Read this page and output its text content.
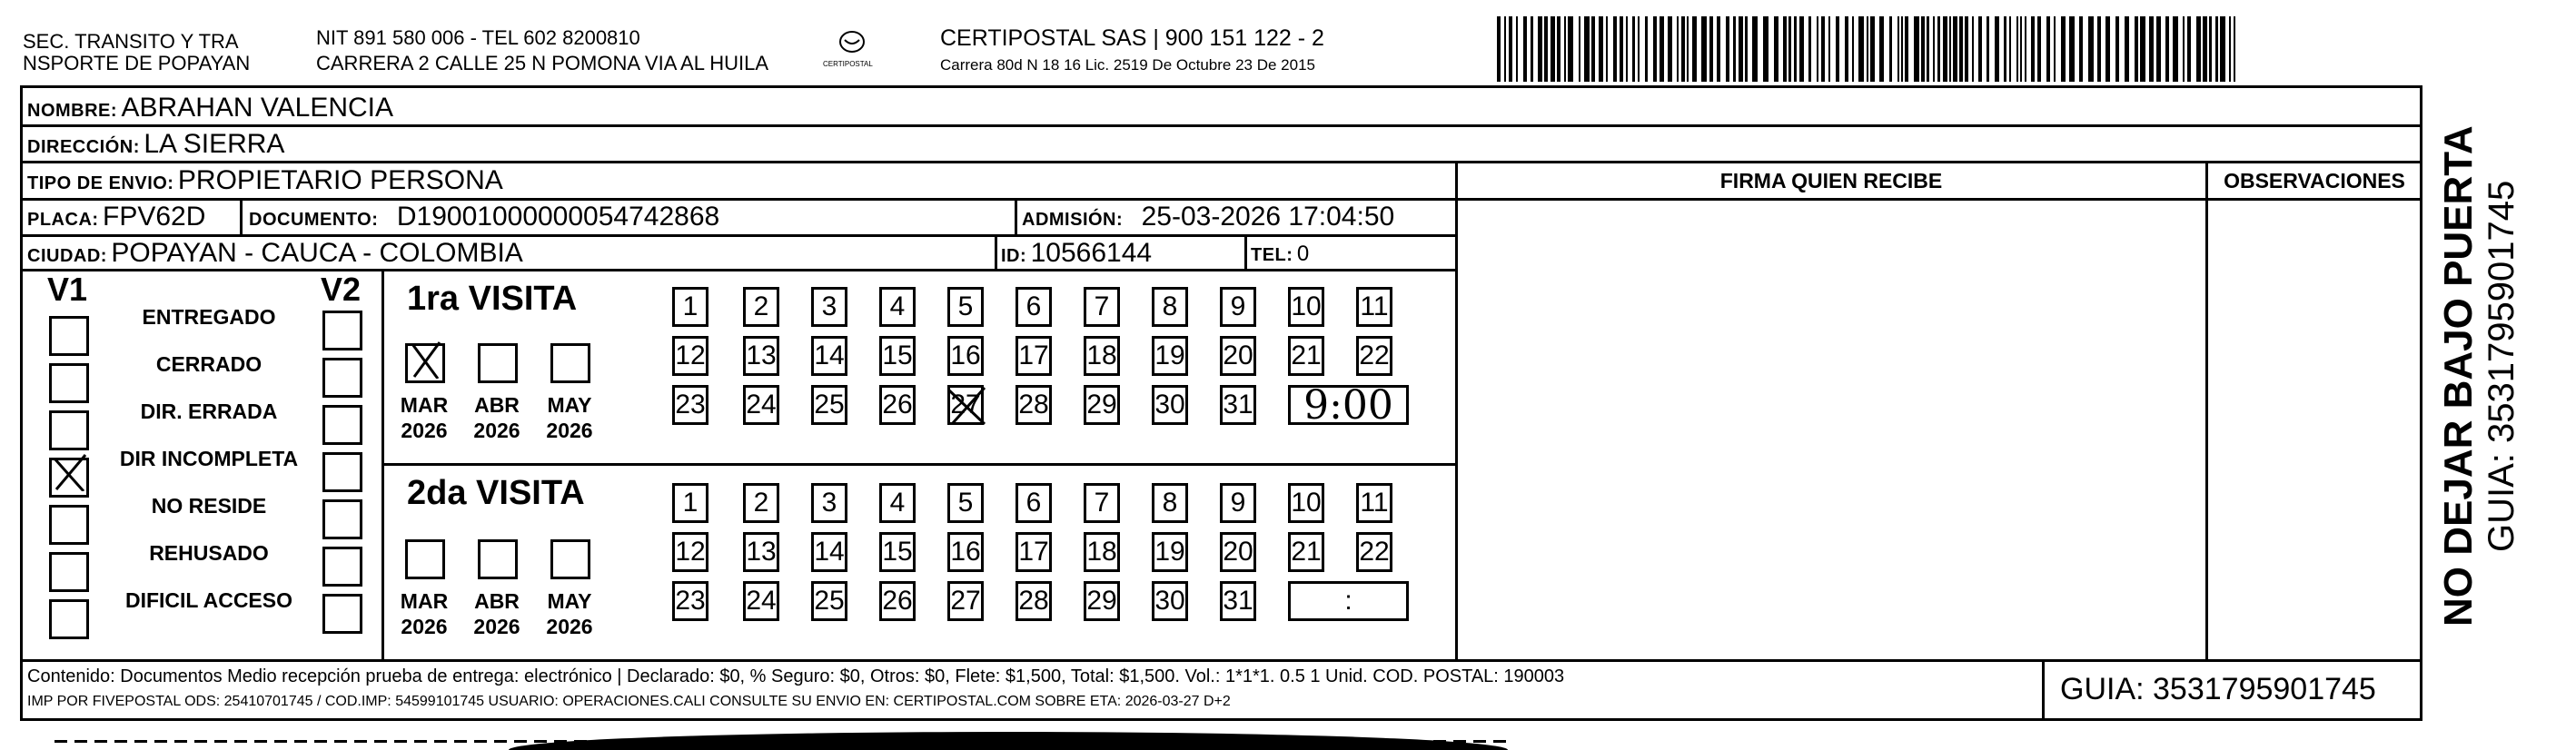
SEC. TRANSITO Y TRA
NSPORTE DE POPAYAN
NIT 891 580 006 - TEL 602 8200810
CARRERA 2 CALLE 25 N POMONA VIA AL HUILA	CERTIPOSTAL
CERTIPOSTAL SAS | 900 151 122 - 2
Carrera 80d N 18 16 Lic. 2519 De Octubre 23 De 2015
NOMBRE: ABRAHAN VALENCIA
DIRECCIÓN: LA SIERRA
TIPO DE ENVIO: PROPIETARIO PERSONA	FIRMA QUIEN RECIBE	OBSERVACIONES
PLACA: FPV62D DOCUMENTO: D19001000000054742868	ADMISIÓN: 25-03-2026 17:04:50
CIUDAD: POPAYAN - CAUCA - COLOMBIA	ID: 10566144	TEL: 0
V1	V2
ENTREGADO
CERRADO
DIR. ERRADA
DIR INCOMPLETA
NO RESIDE
REHUSADO
DIFICIL ACCESO
1ra VISITA
2da VISITA
MAR
2026
ABR
2026
MAY
2026
1	2	3	4	5	6	7	8	9	10 11
12 13 14 15 16 17 18 19 20 21 22
23 24 25 26 27 28 29 30 31 9:00
MAR
2026
ABR
2026
MAY
2026
1	2	3	4	5	6	7	8	9	10 11
12 13 14 15 16 17 18 19 20 21 22
23 24 25 26 27 28 29 30 31	:
Contenido: Documentos Medio recepción prueba de entrega: electrónico | Declarado: $0, % Seguro: $0, Otros: $0, Flete: $1,500, Total: $1,500. Vol.: 1*1*1. 0.5 1 Unid. COD. POSTAL: 190003
IMP POR FIVEPOSTAL ODS: 25410701745 / COD.IMP: 54599101745 USUARIO: OPERACIONES.CALI CONSULTE SU ENVIO EN: CERTIPOSTAL.COM SOBRE ETA: 2026-03-27 D+2	GUIA: 3531795901745
NO DEJAR BAJO PUERTA GUIA: 3531795901745
